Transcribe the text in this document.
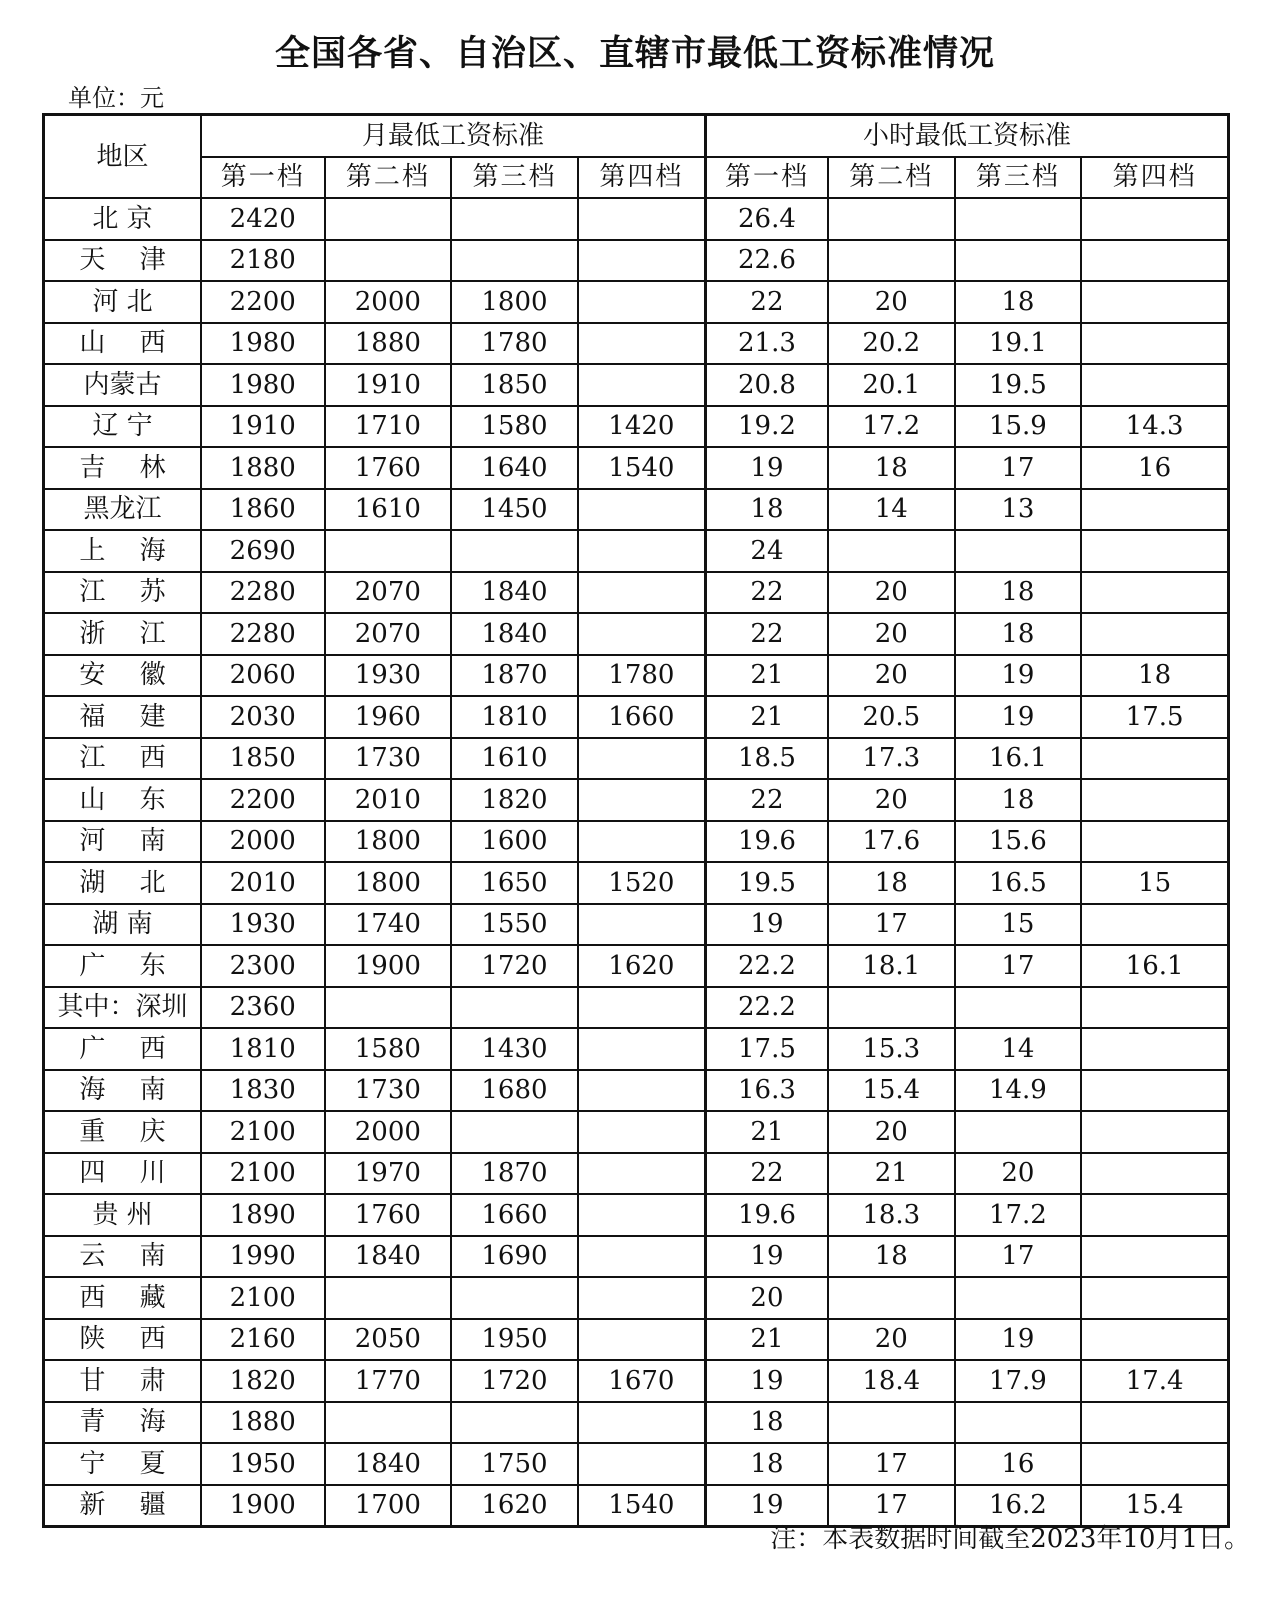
全国各省、自治区、直辖市最低工资标准情况
单位：元
地区	月最低工资标准				小时最低工资标准			
	第一档	第二档	第三档	第四档	第一档	第二档	第三档	第四档
北 京	2420				26.4			
天　 津	2180				22.6			
河 北	2200	2000	1800		22	20	18	
山　 西	1980	1880	1780		21.3	20.2	19.1	
内蒙古	1980	1910	1850		20.8	20.1	19.5	
辽 宁	1910	1710	1580	1420	19.2	17.2	15.9	14.3
吉　 林	1880	1760	1640	1540	19	18	17	16
黑龙江	1860	1610	1450		18	14	13	
上　 海	2690				24			
江　 苏	2280	2070	1840		22	20	18	
浙　 江	2280	2070	1840		22	20	18	
安　 徽	2060	1930	1870	1780	21	20	19	18
福　 建	2030	1960	1810	1660	21	20.5	19	17.5
江　 西	1850	1730	1610		18.5	17.3	16.1	
山　 东	2200	2010	1820		22	20	18	
河　 南	2000	1800	1600		19.6	17.6	15.6	
湖　 北	2010	1800	1650	1520	19.5	18	16.5	15
湖 南	1930	1740	1550		19	17	15	
广　 东	2300	1900	1720	1620	22.2	18.1	17	16.1
其中：深圳	2360				22.2			
广　 西	1810	1580	1430		17.5	15.3	14	
海　 南	1830	1730	1680		16.3	15.4	14.9	
重　 庆	2100	2000			21	20		
四　 川	2100	1970	1870		22	21	20	
贵 州	1890	1760	1660		19.6	18.3	17.2	
云　 南	1990	1840	1690		19	18	17	
西　 藏	2100				20			
陕　 西	2160	2050	1950		21	20	19	
甘　 肃	1820	1770	1720	1670	19	18.4	17.9	17.4
青　 海	1880				18			
宁　 夏	1950	1840	1750		18	17	16	
新　 疆	1900	1700	1620	1540	19	17	16.2	15.4
注：本表数据时间截至2023年10月1日。
